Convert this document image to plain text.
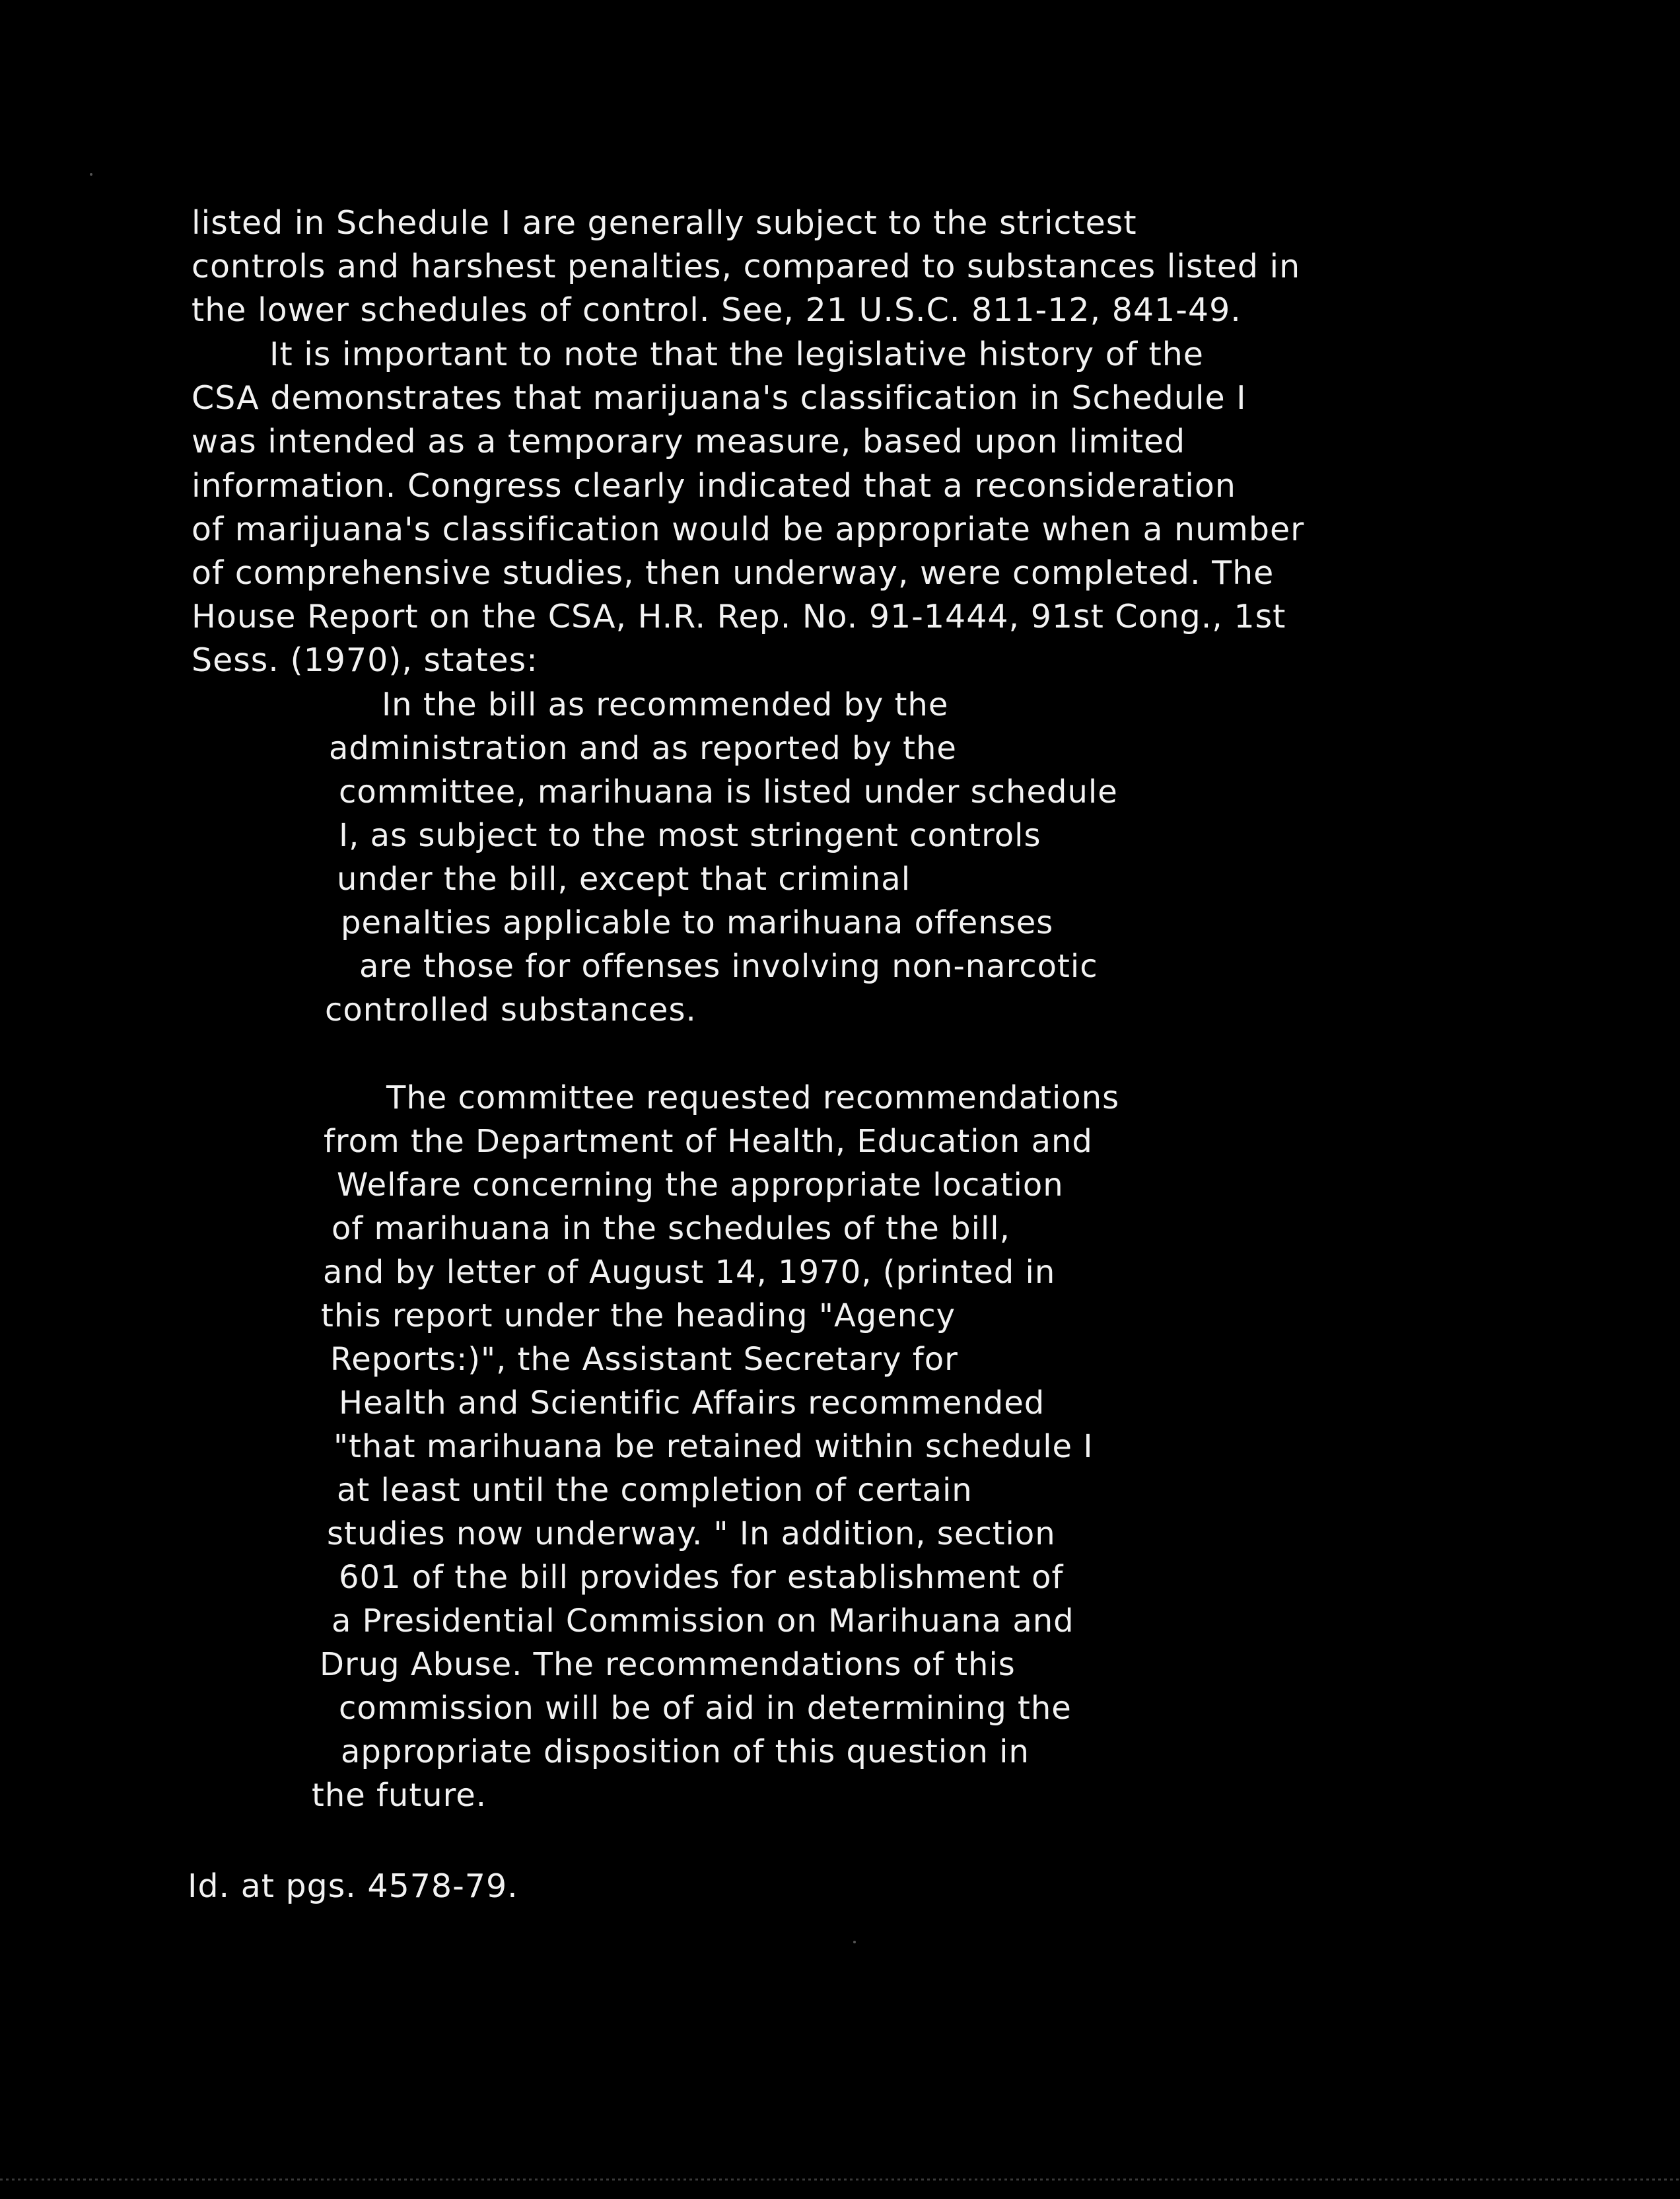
listed in Schedule I are generally subject to the strictest
controls and harshest penalties, compared to substances listed in
the lower schedules of control. See, 21 U.S.C. 811-12, 841-49.
It is important to note that the legislative history of the
CSA demonstrates that marijuana's classification in Schedule I
was intended as a temporary measure, based upon limited
information. Congress clearly indicated that a reconsideration
of marijuana's classification would be appropriate when a number
of comprehensive studies, then underway, were completed. The
House Report on the CSA, H.R. Rep. No. 91-1444, 91st Cong., 1st
Sess. (1970), states:
In the bill as recommended by the
administration and as reported by the
committee, marihuana is listed under schedule
I, as subject to the most stringent controls
under the bill, except that criminal
penalties applicable to marihuana offenses
are those for offenses involving non-narcotic
controlled substances.
The committee requested recommendations
from the Department of Health, Education and
Welfare concerning the appropriate location
of marihuana in the schedules of the bill,
and by letter of August 14, 1970, (printed in
this report under the heading "Agency
Reports:)", the Assistant Secretary for
Health and Scientific Affairs recommended
"that marihuana be retained within schedule I
at least until the completion of certain
studies now underway. " In addition, section
601 of the bill provides for establishment of
a Presidential Commission on Marihuana and
Drug Abuse. The recommendations of this
commission will be of aid in determining the
appropriate disposition of this question in
the future.
Id. at pgs. 4578-79.
